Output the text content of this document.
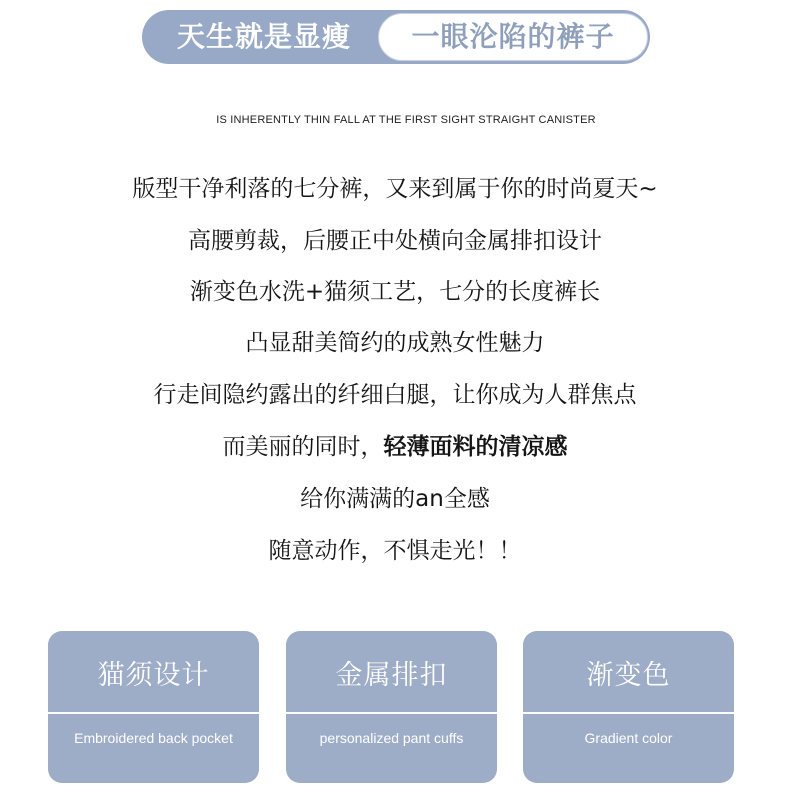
天生就是显瘦	一眼沦陷的裤子
IS INHERENTLY THIN FALL AT THE FIRST SIGHT STRAIGHT CANISTER
版型干净利落的七分裤，又来到属于你的时尚夏天~
高腰剪裁，后腰正中处横向金属排扣设计
渐变色水洗+猫须工艺，七分的长度裤长
凸显甜美简约的成熟女性魅力
行走间隐约露出的纤细白腿，让你成为人群焦点
而美丽的同时，轻薄面料的清凉感
给你满满的an全感
随意动作，不惧走光！！
猫须设计
Embroidered back pocket
金属排扣
personalized pant cuffs
渐变色
Gradient color
